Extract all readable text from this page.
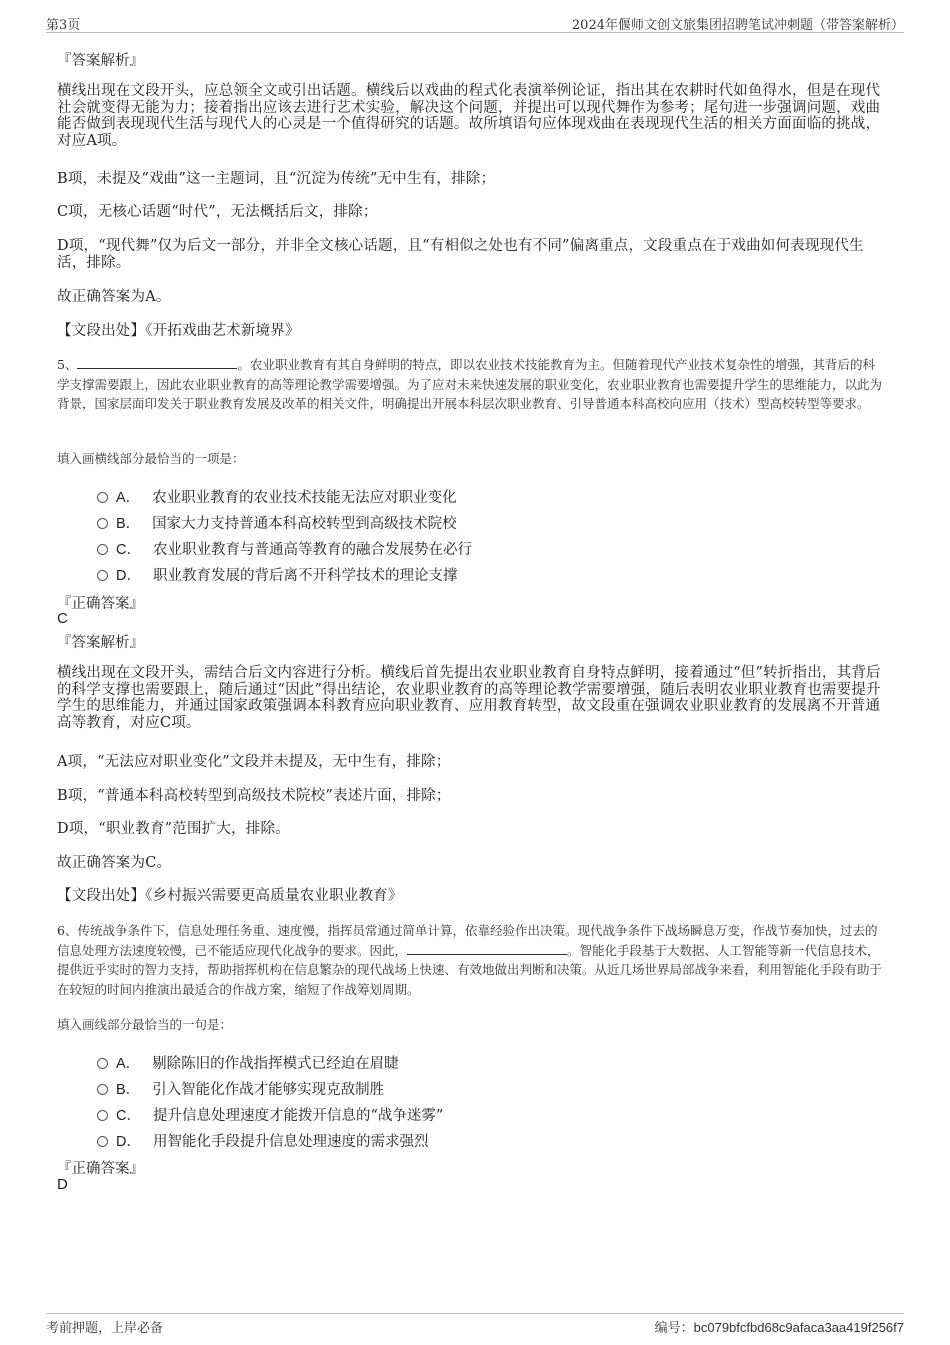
第3页	2024年偃师文创文旅集团招聘笔试冲刺题（带答案解析）
『答案解析』
横线出现在文段开头，应总领全文或引出话题。横线后以戏曲的程式化表演举例论证，指出其在农耕时代如鱼得水，但是在现代社会就变得无能为力；接着指出应该去进行艺术实验，解决这个问题，并提出可以现代舞作为参考；尾句进一步强调问题，戏曲能否做到表现现代生活与现代人的心灵是一个值得研究的话题。故所填语句应体现戏曲在表现现代生活的相关方面面临的挑战，对应A项。
B项，未提及“戏曲”这一主题词，且“沉淀为传统”无中生有，排除；
C项，无核心话题“时代”，无法概括后文，排除；
D项，“现代舞”仅为后文一部分，并非全文核心话题，且“有相似之处也有不同”偏离重点，文段重点在于戏曲如何表现现代生活，排除。
故正确答案为A。
【文段出处】《开拓戏曲艺术新境界》
5、	。农业职业教育有其自身鲜明的特点，即以农业技术技能教育为主。但随着现代产业技术复杂性的增强，其背后的科学支撑需要跟上，因此农业职业教育的高等理论教学需要增强。为了应对未来快速发展的职业变化，农业职业教育也需要提升学生的思维能力，以此为背景，国家层面印发关于职业教育发展及改革的相关文件，明确提出开展本科层次职业教育、引导普通本科高校向应用（技术）型高校转型等要求。
填入画横线部分最恰当的一项是：
A． 农业职业教育的农业技术技能无法应对职业变化
B． 国家大力支持普通本科高校转型到高级技术院校
C． 农业职业教育与普通高等教育的融合发展势在必行
D． 职业教育发展的背后离不开科学技术的理论支撑
『正确答案』
C
『答案解析』
横线出现在文段开头，需结合后文内容进行分析。横线后首先提出农业职业教育自身特点鲜明，接着通过“但”转折指出，其背后的科学支撑也需要跟上，随后通过“因此”得出结论，农业职业教育的高等理论教学需要增强，随后表明农业职业教育也需要提升学生的思维能力，并通过国家政策强调本科教育应向职业教育、应用教育转型，故文段重在强调农业职业教育的发展离不开普通高等教育，对应C项。
A项，“无法应对职业变化”文段并未提及，无中生有，排除；
B项，“普通本科高校转型到高级技术院校”表述片面，排除；
D项，“职业教育”范围扩大，排除。
故正确答案为C。
【文段出处】《乡村振兴需要更高质量农业职业教育》
6、传统战争条件下，信息处理任务重、速度慢，指挥员常通过简单计算，依靠经验作出决策。现代战争条件下战场瞬息万变，作战节奏加快，过去的信息处理方法速度较慢，已不能适应现代化战争的要求。因此，	。智能化手段基于大数据、人工智能等新一代信息技术，提供近乎实时的智力支持，帮助指挥机构在信息繁杂的现代战场上快速、有效地做出判断和决策。从近几场世界局部战争来看，利用智能化手段有助于在较短的时间内推演出最适合的作战方案，缩短了作战筹划周期。
填入画线部分最恰当的一句是：
A． 剔除陈旧的作战指挥模式已经迫在眉睫
B． 引入智能化作战才能够实现克敌制胜
C． 提升信息处理速度才能拨开信息的“战争迷雾”
D． 用智能化手段提升信息处理速度的需求强烈
『正确答案』
D
考前押题，上岸必备	编号：bc079bfcfbd68c9afaca3aa419f256f7
